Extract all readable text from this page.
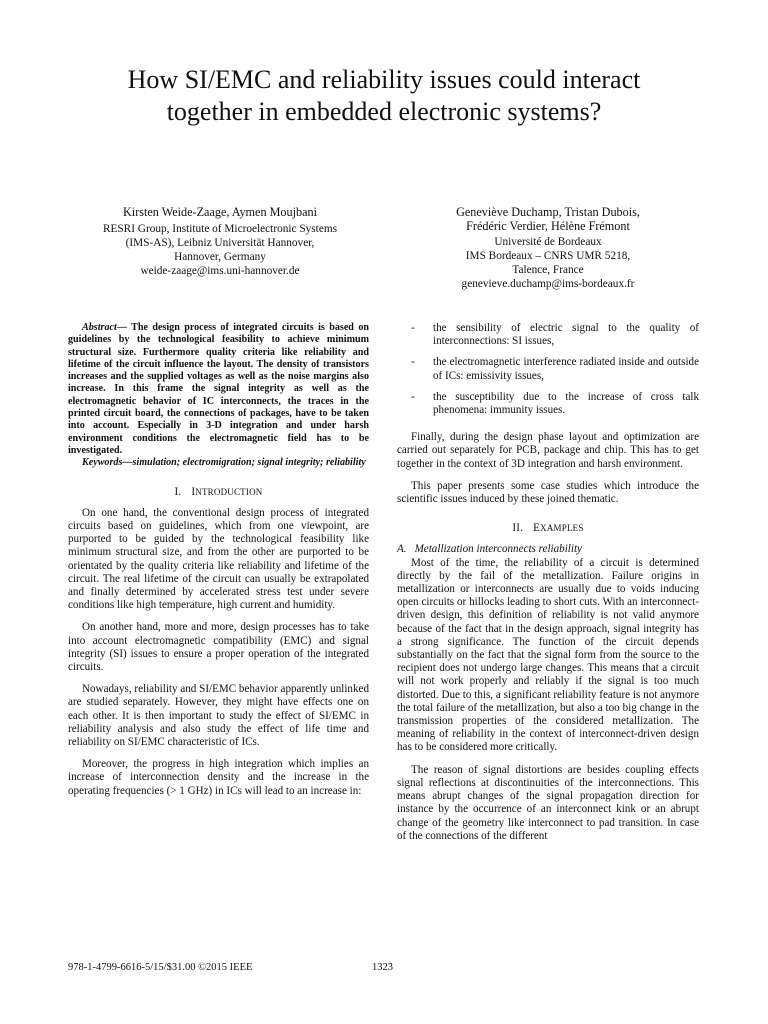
How SI/EMC and reliability issues could interact
together in embedded electronic systems?
Kirsten Weide-Zaage, Aymen Moujbani
RESRI Group, Institute of Microelectronic Systems
(IMS-AS), Leibniz Universität Hannover,
Hannover, Germany
weide-zaage@ims.uni-hannover.de
Geneviève Duchamp, Tristan Dubois,
Frédéric Verdier, Hélène Frémont
Université de Bordeaux
IMS Bordeaux – CNRS UMR 5218,
Talence, France
genevieve.duchamp@ims-bordeaux.fr

Abstract— The design process of integrated circuits is based on guidelines by the technological feasibility to achieve minimum structural size. Furthermore quality criteria like reliability and lifetime of the circuit influence the layout. The density of transistors increases and the supplied voltages as well as the noise margins also increase. In this frame the signal integrity as well as the electromagnetic behavior of IC interconnects, the traces in the printed circuit board, the connections of packages, have to be taken into account. Especially in 3-D integration and under harsh environment conditions the electromagnetic field has to be investigated.

Keywords—simulation; electromigration; signal integrity; reliability

I. INTRODUCTION

On one hand, the conventional design process of integrated circuits based on guidelines, which from one viewpoint, are purported to be guided by the technological feasibility like minimum structural size, and from the other are purported to be orientated by the quality criteria like reliability and lifetime of the circuit. The real lifetime of the circuit can usually be extrapolated and finally determined by accelerated stress test under severe conditions like high temperature, high current and humidity.

On another hand, more and more, design processes has to take into account electromagnetic compatibility (EMC) and signal integrity (SI) issues to ensure a proper operation of the integrated circuits.

Nowadays, reliability and SI/EMC behavior apparently unlinked are studied separately. However, they might have effects one on each other. It is then important to study the effect of SI/EMC in reliability analysis and also study the effect of life time and reliability on SI/EMC characteristic of ICs.

Moreover, the progress in high integration which implies an increase of interconnection density and the increase in the operating frequencies (> 1 GHz) in ICs will lead to an increase in:

- the sensibility of electric signal to the quality of interconnections: SI issues,
- the electromagnetic interference radiated inside and outside of ICs: emissivity issues,
- the susceptibility due to the increase of cross talk phenomena: immunity issues.

Finally, during the design phase layout and optimization are carried out separately for PCB, package and chip. This has to get together in the context of 3D integration and harsh environment.

This paper presents some case studies which introduce the scientific issues induced by these joined thematic.

II. EXAMPLES

A. Metallization interconnects reliability

Most of the time, the reliability of a circuit is determined directly by the fail of the metallization. Failure origins in metallization or interconnects are usually due to voids inducing open circuits or hillocks leading to short cuts. With an interconnect-driven design, this definition of reliability is not valid anymore because of the fact that in the design approach, signal integrity has a strong significance. The function of the circuit depends substantially on the fact that the signal form from the source to the recipient does not undergo large changes. This means that a circuit will not work properly and reliably if the signal is too much distorted. Due to this, a significant reliability feature is not anymore the total failure of the metallization, but also a too big change in the transmission properties of the considered metallization. The meaning of reliability in the context of interconnect-driven design has to be considered more critically.

The reason of signal distortions are besides coupling effects signal reflections at discontinuities of the interconnections. This means abrupt changes of the signal propagation direction for instance by the occurrence of an interconnect kink or an abrupt change of the geometry like interconnect to pad transition. In case of the connections of the different

978-1-4799-6616-5/15/$31.00 ©2015 IEEE	1323
